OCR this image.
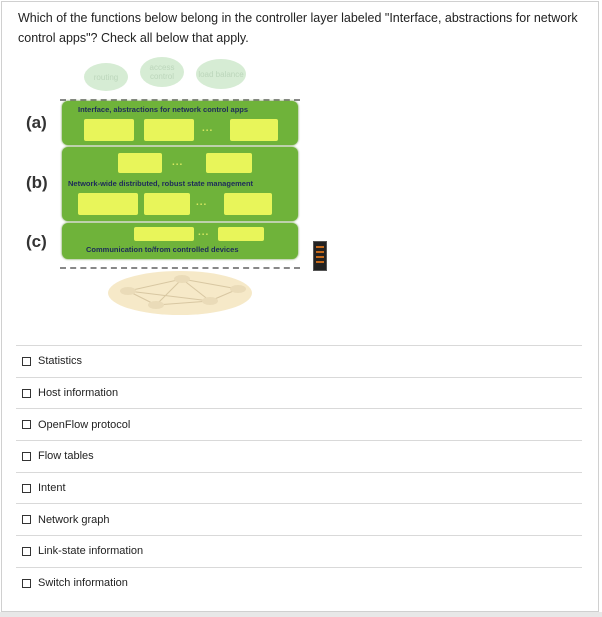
Which of the functions below belong in the controller layer labeled "Interface, abstractions for network control apps"? Check all below that apply.
routing
access control	load balance
(a)
(b)
(c)
Interface, abstractions for network control apps
...
...
Network-wide distributed, robust state management
...
...
Communication to/from controlled devices
Statistics
Host information
OpenFlow protocol
Flow tables
Intent
Network graph
Link-state information
Switch information
